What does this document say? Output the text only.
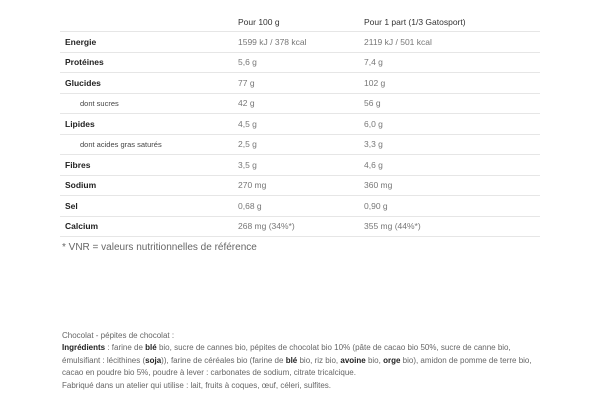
	Pour 100 g	Pour 1 part (1/3 Gatosport)
Energie	1599 kJ / 378 kcal	2119 kJ / 501 kcal
Protéines	5,6 g	7,4 g
Glucides	77 g	102 g
dont sucres	42 g	56 g
Lipides	4,5 g	6,0 g
dont acides gras saturés	2,5 g	3,3 g
Fibres	3,5 g	4,6 g
Sodium	270 mg	360 mg
Sel	0,68 g	0,90 g
Calcium	268 mg (34%*)	355 mg (44%*)
* VNR = valeurs nutritionnelles de référence

Chocolat - pépites de chocolat :

Ingrédients : farine de blé bio, sucre de cannes bio, pépites de chocolat bio 10% (pâte de cacao bio 50%, sucre de canne bio, émulsifiant : lécithines (soja)), farine de céréales bio (farine de blé bio, riz bio, avoine bio, orge bio), amidon de pomme de terre bio, cacao en poudre bio 5%, poudre à lever : carbonates de sodium, citrate tricalcique.

Fabriqué dans un atelier qui utilise : lait, fruits à coques, œuf, céleri, sulfites.
